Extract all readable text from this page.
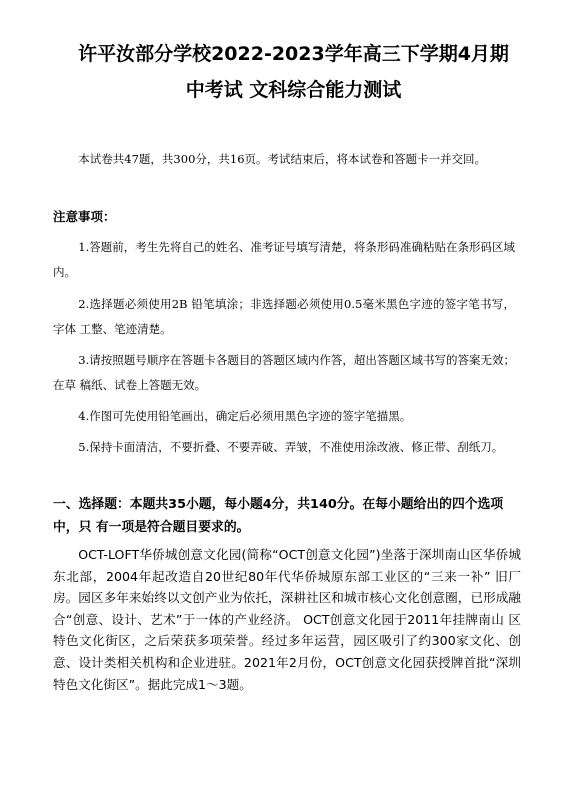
许平汝部分学校2022-2023学年高三下学期4月期
中考试 文科综合能力测试

本试卷共47题，共300分，共16页。考试结束后，将本试卷和答题卡一并交回。

注意事项：

1.答题前，考生先将自己的姓名、准考证号填写清楚，将条形码准确粘贴在条形码区域内。

2.选择题必须使用2B 铅笔填涂；非选择题必须使用0.5毫米黑色字迹的签字笔书写，字体 工整、笔迹清楚。

3.请按照题号顺序在答题卡各题目的答题区域内作答，超出答题区域书写的答案无效；在草 稿纸、试卷上答题无效。

4.作图可先使用铅笔画出，确定后必须用黑色字迹的签字笔描黑。

5.保持卡面清洁，不要折叠、不要弄破、弄皱，不准使用涂改液、修正带、刮纸刀。

一、选择题：本题共35小题，每小题4分，共140分。在每小题给出的四个选项中，只 有一项是符合题目要求的。

OCT-LOFT华侨城创意文化园(简称“OCT创意文化园”)坐落于深圳南山区华侨城东北部，2004年起改造自20世纪80年代华侨城原东部工业区的“三来一补” 旧厂房。园区多年来始终以文创产业为依托，深耕社区和城市核心文化创意圈，已形成融合“创意、设计、艺术”于一体的产业经济。 OCT创意文化园于2011年挂牌南山 区特色文化街区，之后荣获多项荣誉。经过多年运营，园区吸引了约300家文化、创意、设计类相关机构和企业进驻。2021年2月份，OCT创意文化园获授牌首批“深圳特色文化街区”。据此完成1～3题。
